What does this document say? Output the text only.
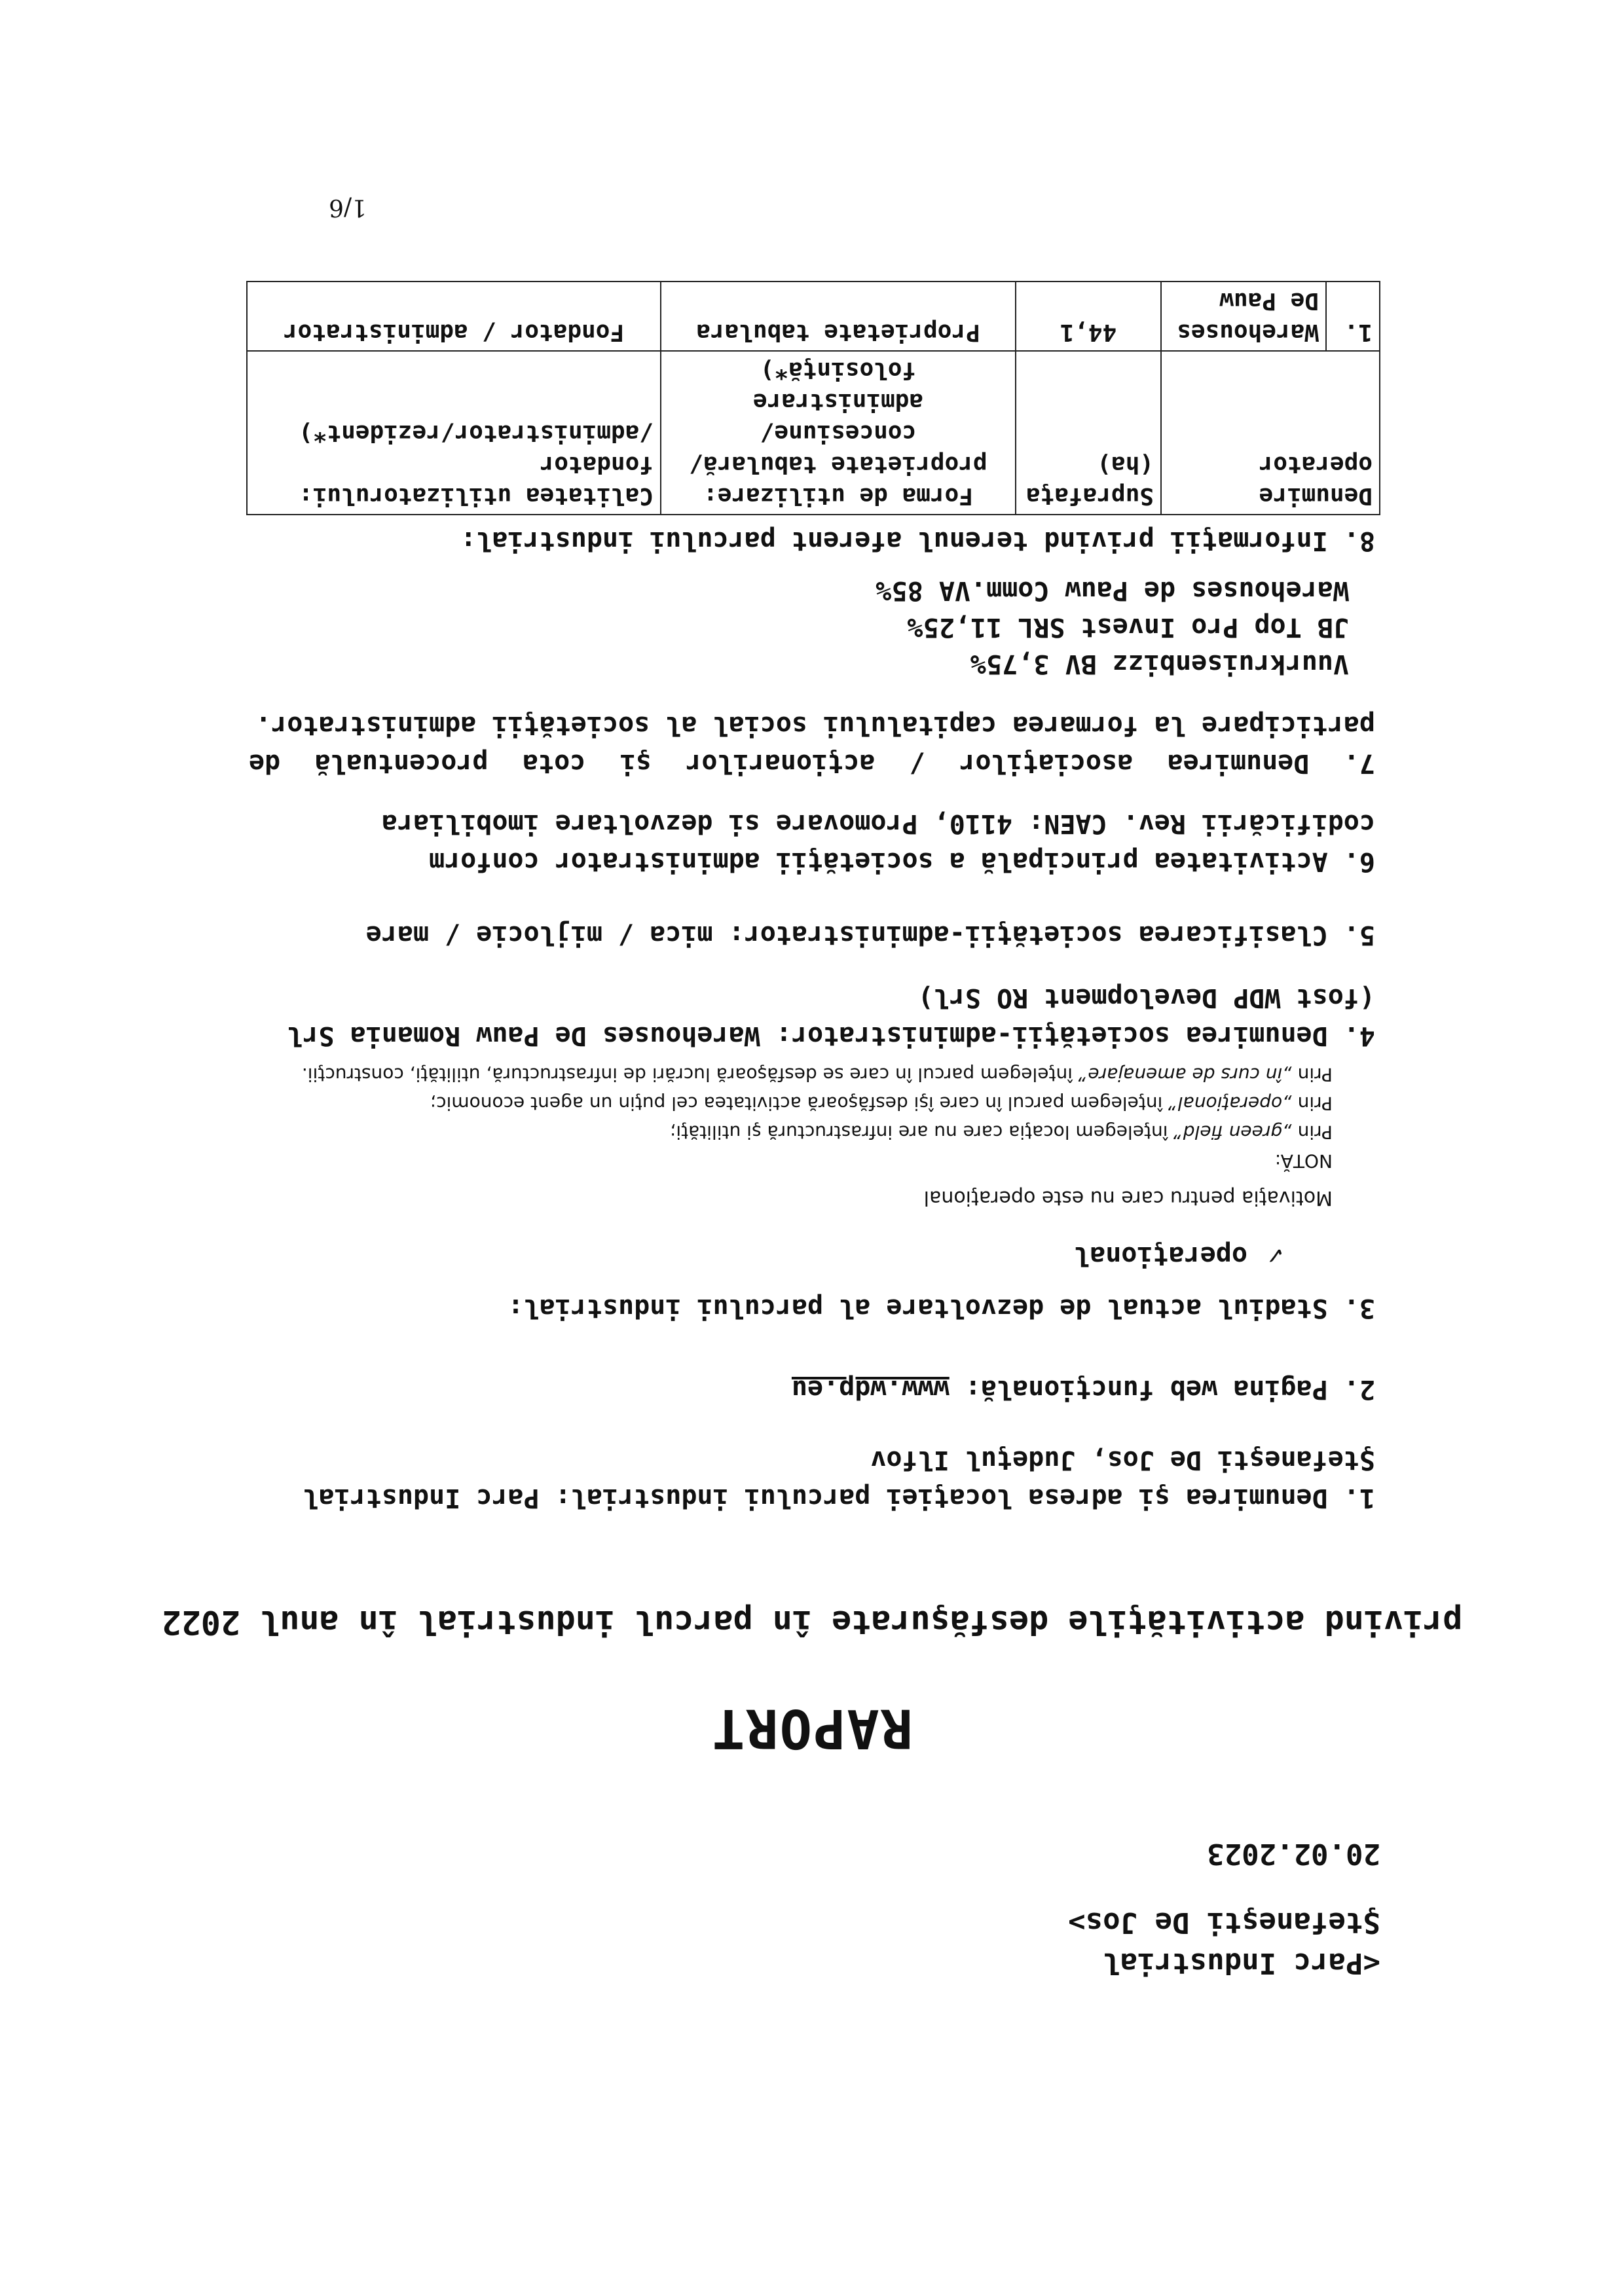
<Parc Industrial
Ştefaneşti De Jos>
20.02.2023
RAPORT
privind activităţile desfăşurate în parcul industrial în anul 2022
1. Denumirea şi adresa locaţiei parcului industrial: Parc Industrial Ştefaneşti De Jos, Judeţul Ilfov
2. Pagina web funcţională: www.wdp.eu
3. Stadiul actual de dezvoltare al parcului industrial:
✓
operaţional
Motivaţia pentru care nu este operaţional
NOTĂ:
Prin „green field” înţelegem locaţia care nu are infrastructură şi utilităţi;
Prin „operaţional” înţelegem parcul în care îşi desfăşoară activitatea cel puţin un agent economic;
Prin „în curs de amenajare” înţelegem parcul în care se desfăşoară lucrări de infrastructură, utilităţi, construcţii.
4. Denumirea societăţii-administrator: Warehouses De Pauw Romania Srl (fost WDP Development RO Srl)
5. Clasificarea societăţii-administrator: mica / mijlocie / mare
6. Activitatea principală a societăţii administrator conform codificării Rev. CAEN: 4110, Promovare si dezvoltare imobiliara
7. Denumirea asociaţilor / acţionarilor şi cota procentuală de participare la formarea capitalului social al societăţii administrator.
Vuurkruisenbizz BV 3,75%
JB Top Pro Invest SRL 11,25%
Warehouses de Pauw Comm.VA 85%
8. Informaţii privind terenul aferent parcului industrial:
Denumire operator		Suprafaţa (ha)	Forma de utilizare: proprietate tabulară/ concesiune/ administrare folosinţă*)	Calitatea utilizatorului: fondator /administrator/rezident*)
1.	Warehouses De Pauw	44,1	Proprietate tabulara	Fondator / administrator
1/6
